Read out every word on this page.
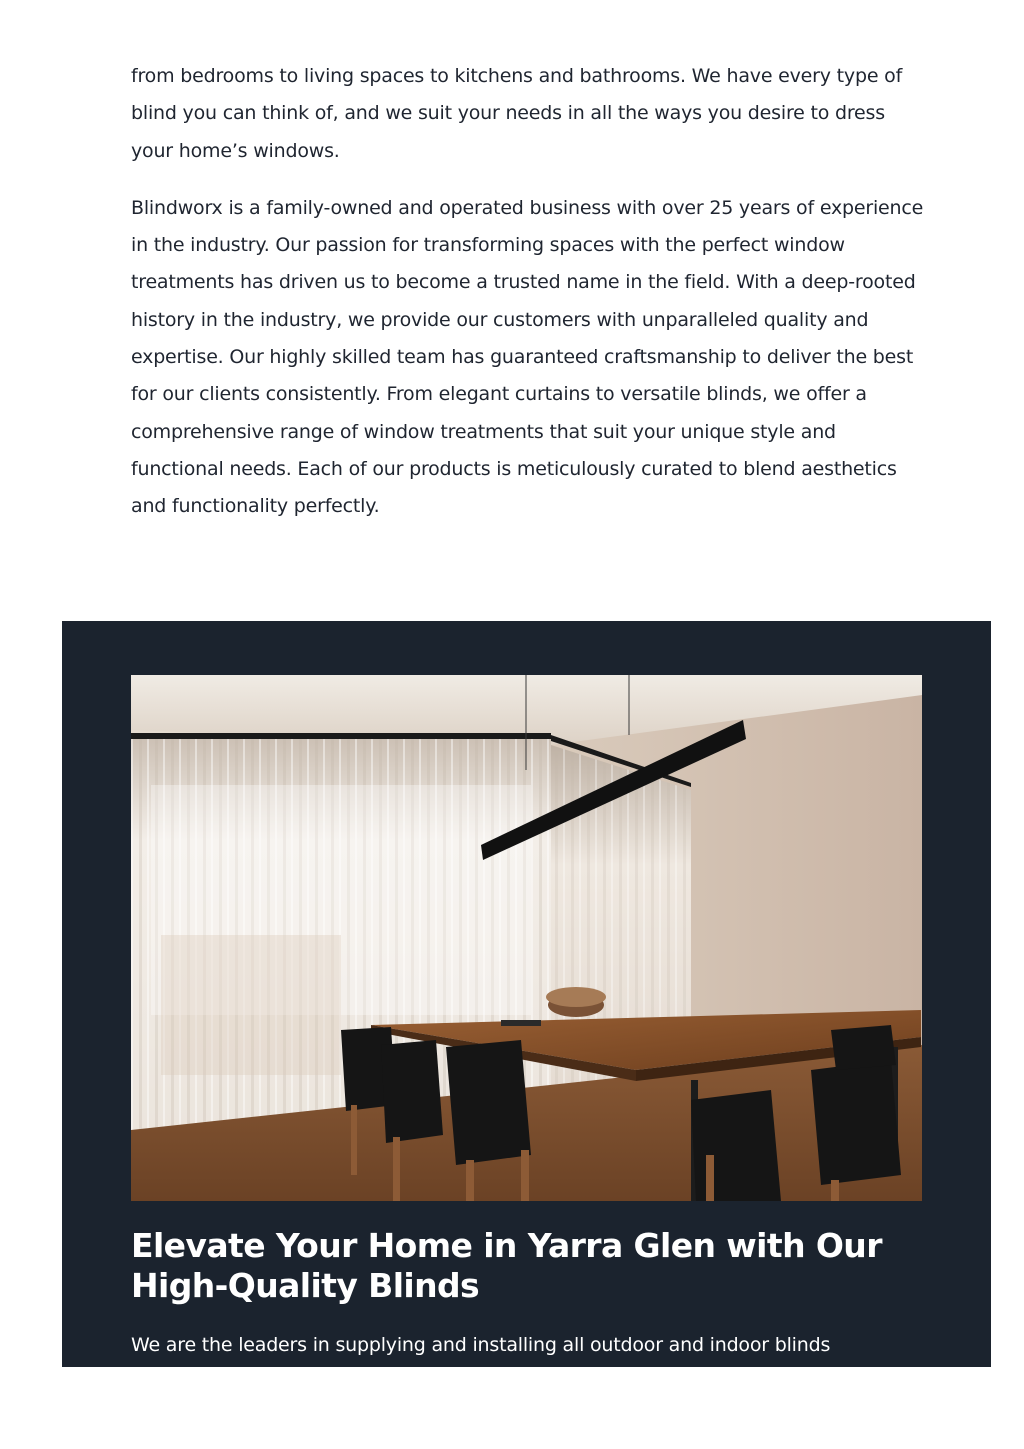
from bedrooms to living spaces to kitchens and bathrooms. We have every type of blind you can think of, and we suit your needs in all the ways you desire to dress your home’s windows.

Blindworx is a family-owned and operated business with over 25 years of experience in the industry. Our passion for transforming spaces with the perfect window treatments has driven us to become a trusted name in the field. With a deep-rooted history in the industry, we provide our customers with unparalleled quality and expertise. Our highly skilled team has guaranteed craftsmanship to deliver the best for our clients consistently. From elegant curtains to versatile blinds, we offer a comprehensive range of window treatments that suit your unique style and functional needs. Each of our products is meticulously curated to blend aesthetics and functionality perfectly.

Elevate Your Home in Yarra Glen with Our High-Quality Blinds

We are the leaders in supplying and installing all outdoor and indoor blinds
